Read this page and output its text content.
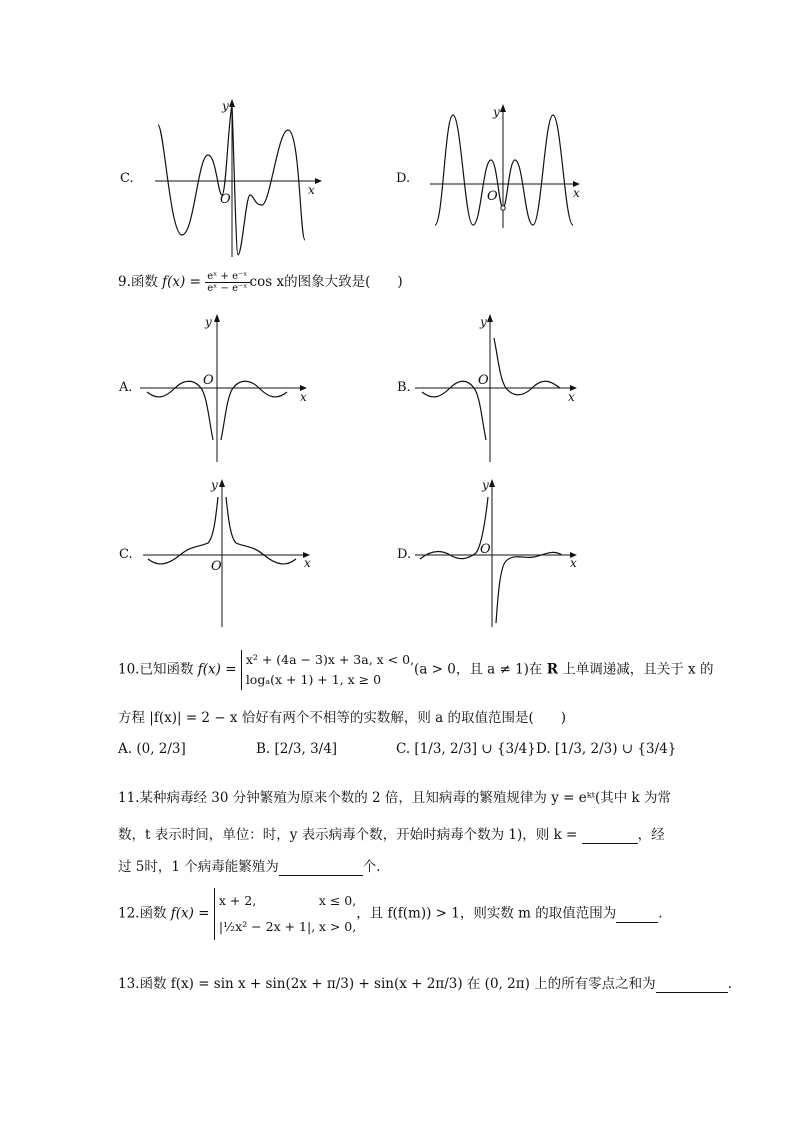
C.
x
y
O
D.
x
y
O
9.函数 $f(x) = \frac{\text{eˣ + e⁻ˣ}}{\text{eˣ − e⁻ˣ}}$ cos x的图象大致是(　　)
A.
x
y
O	B.
x
y
O
C.
x
y
O
D.
x
y
O
10.已知函数 f(x) =
x² + (4a − 3)x + 3a, x < 0,
logₐ(x + 1) + 1, x ≥ 0
(a > 0，且 a ≠ 1)在 R 上单调递减，且关于 x 的
方程 |f(x)| = 2 − x 恰好有两个不相等的实数解，则 a 的取值范围是(　　)
A. (0, 2/3]	B. [2/3, 3/4]	C. [1/3, 2/3] ∪ {3/4} D. [1/3, 2/3) ∪ {3/4}
11.某种病毒经 30 分钟繁殖为原来个数的 2 倍，且知病毒的繁殖规律为 y = eᵏᵗ(其中 k 为常
数，t 表示时间，单位：时，y 表示病毒个数，开始时病毒个数为 1)，则 k =	，经
过 5时，1 个病毒能繁殖为	个.
12.函数 f(x) =
x + 2,	x ≤ 0,
|½x² − 2x + 1|, x > 0,
，且 f(f(m)) > 1，则实数 m 的取值范围为	.
13.函数 f(x) = sin x + sin(2x + π/3) + sin(x + 2π/3) 在 (0, 2π) 上的所有零点之和为	.
